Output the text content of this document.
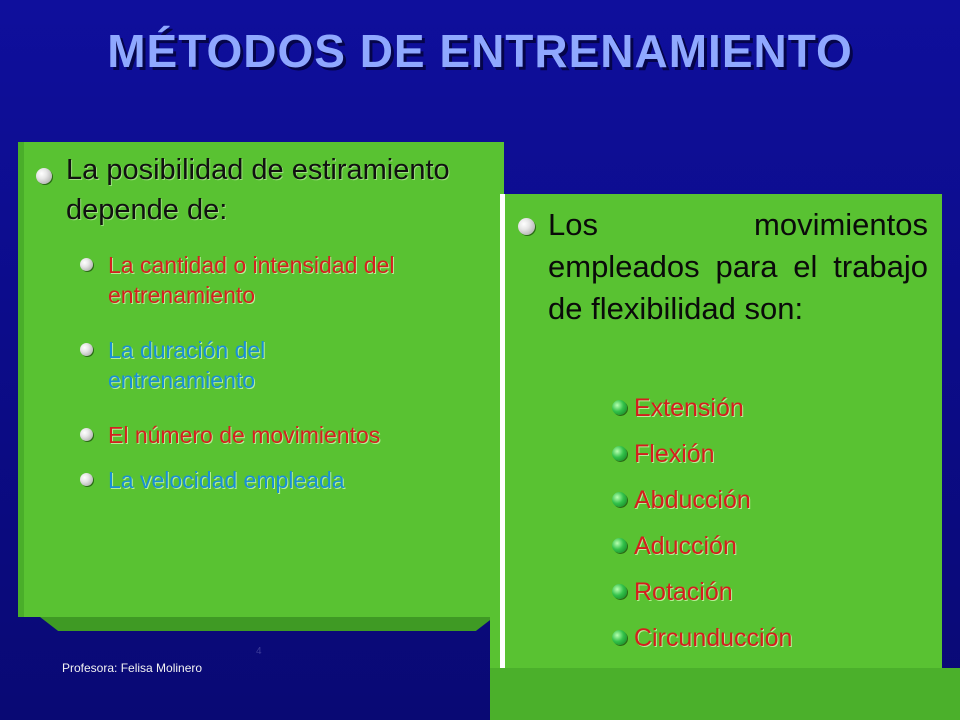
MÉTODOS DE ENTRENAMIENTO
La posibilidad de estiramiento depende de:
La cantidad o intensidad del entrenamiento
La duración del entrenamiento
El número de movimientos
La velocidad empleada
Los movimientos empleados para el trabajo de flexibilidad son:
Extensión
Flexión
Abducción
Aducción
Rotación
Circunducción
4
Profesora: Felisa Molinero
